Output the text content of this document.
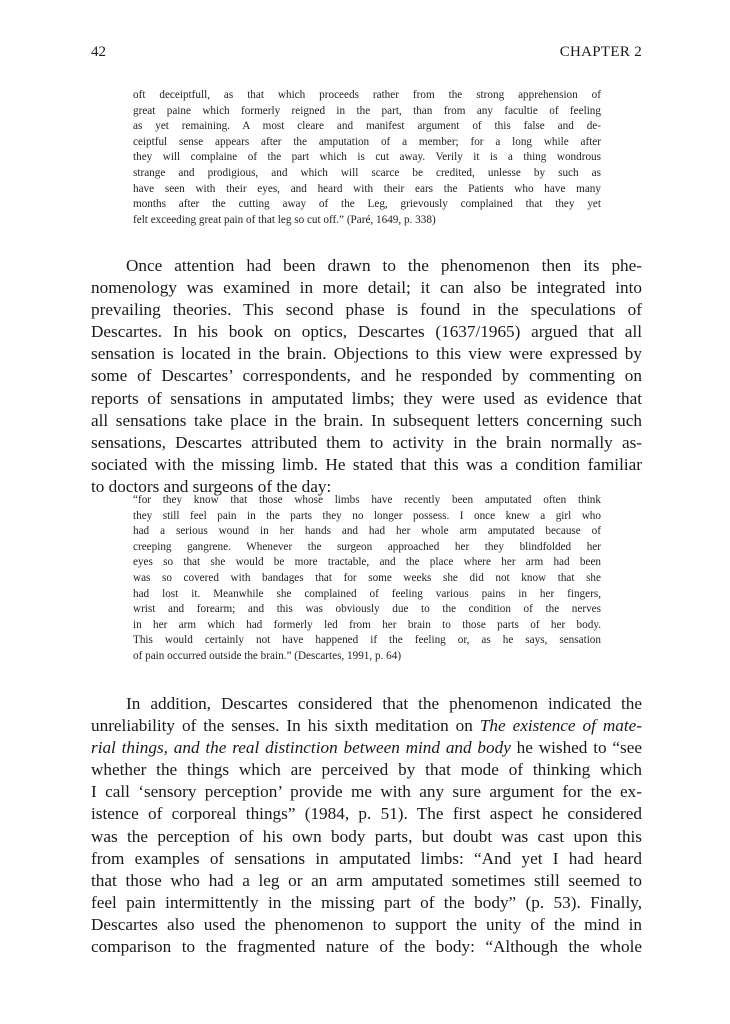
42	CHAPTER 2
oft deceiptfull, as that which proceeds rather from the strong apprehension of
great paine which formerly reigned in the part, than from any facultie of feeling
as yet remaining. A most cleare and manifest argument of this false and de-
ceiptful sense appears after the amputation of a member; for a long while after
they will complaine of the part which is cut away. Verily it is a thing wondrous
strange and prodigious, and which will scarce be credited, unlesse by such as
have seen with their eyes, and heard with their ears the Patients who have many
months after the cutting away of the Leg, grievously complained that they yet
felt exceeding great pain of that leg so cut off.” (Paré, 1649, p. 338)
Once attention had been drawn to the phenomenon then its phe-
nomenology was examined in more detail; it can also be integrated into
prevailing theories. This second phase is found in the speculations of
Descartes. In his book on optics, Descartes (1637/1965) argued that all
sensation is located in the brain. Objections to this view were expressed by
some of Descartes’ correspondents, and he responded by commenting on
reports of sensations in amputated limbs; they were used as evidence that
all sensations take place in the brain. In subsequent letters concerning such
sensations, Descartes attributed them to activity in the brain normally as-
sociated with the missing limb. He stated that this was a condition familiar
to doctors and surgeons of the day:
“for they know that those whose limbs have recently been amputated often think
they still feel pain in the parts they no longer possess. I once knew a girl who
had a serious wound in her hands and had her whole arm amputated because of
creeping gangrene. Whenever the surgeon approached her they blindfolded her
eyes so that she would be more tractable, and the place where her arm had been
was so covered with bandages that for some weeks she did not know that she
had lost it. Meanwhile she complained of feeling various pains in her fingers,
wrist and forearm; and this was obviously due to the condition of the nerves
in her arm which had formerly led from her brain to those parts of her body.
This would certainly not have happened if the feeling or, as he says, sensation
of pain occurred outside the brain.” (Descartes, 1991, p. 64)
In addition, Descartes considered that the phenomenon indicated the
unreliability of the senses. In his sixth meditation on The existence of mate-
rial things, and the real distinction between mind and body he wished to “see
whether the things which are perceived by that mode of thinking which
I call ‘sensory perception’ provide me with any sure argument for the ex-
istence of corporeal things” (1984, p. 51). The first aspect he considered
was the perception of his own body parts, but doubt was cast upon this
from examples of sensations in amputated limbs: “And yet I had heard
that those who had a leg or an arm amputated sometimes still seemed to
feel pain intermittently in the missing part of the body” (p. 53). Finally,
Descartes also used the phenomenon to support the unity of the mind in
comparison to the fragmented nature of the body: “Although the whole
